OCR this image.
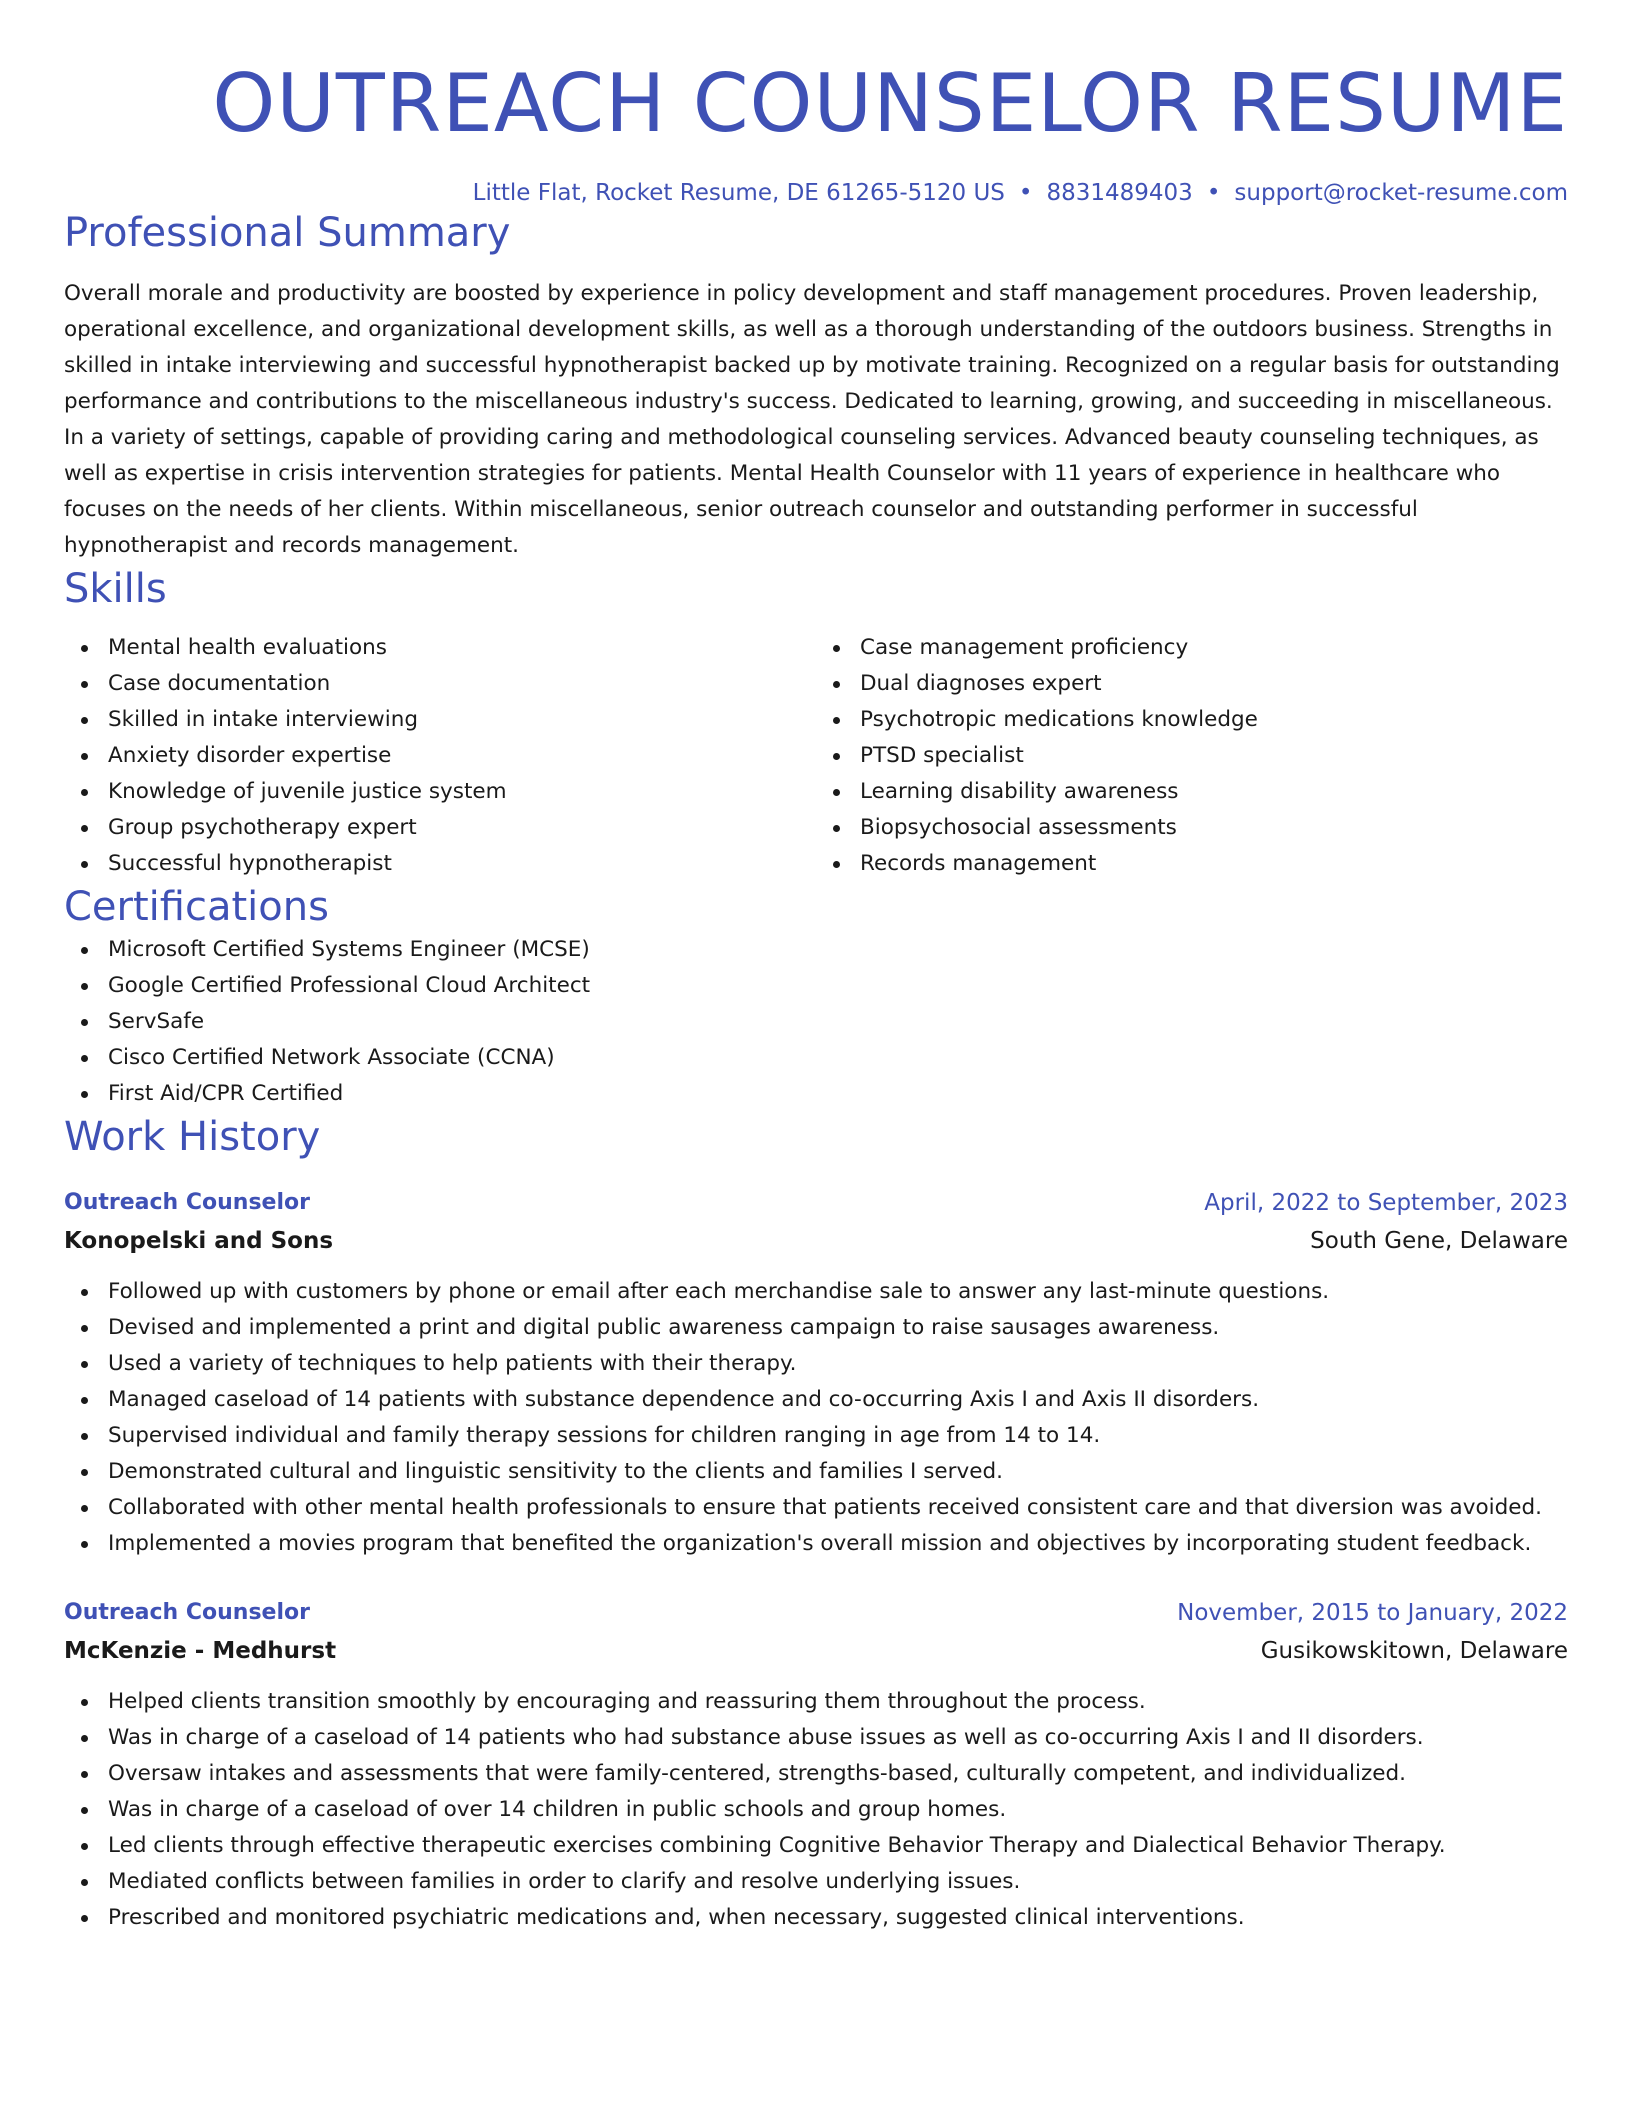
OUTREACH COUNSELOR RESUME
Little Flat, Rocket Resume, DE 61265-5120 US • 8831489403 • support@rocket-resume.com
Professional Summary
Overall morale and productivity are boosted by experience in policy development and staff management procedures. Proven leadership, operational excellence, and organizational development skills, as well as a thorough understanding of the outdoors business. Strengths in skilled in intake interviewing and successful hypnotherapist backed up by motivate training. Recognized on a regular basis for outstanding performance and contributions to the miscellaneous industry's success. Dedicated to learning, growing, and succeeding in miscellaneous. In a variety of settings, capable of providing caring and methodological counseling services. Advanced beauty counseling techniques, as well as expertise in crisis intervention strategies for patients. Mental Health Counselor with 11 years of experience in healthcare who focuses on the needs of her clients. Within miscellaneous, senior outreach counselor and outstanding performer in successful hypnotherapist and records management.
Skills
Mental health evaluations
Case documentation
Skilled in intake interviewing
Anxiety disorder expertise
Knowledge of juvenile justice system
Group psychotherapy expert
Successful hypnotherapist
Case management proficiency
Dual diagnoses expert
Psychotropic medications knowledge
PTSD specialist
Learning disability awareness
Biopsychosocial assessments
Records management
Certifications
Microsoft Certified Systems Engineer (MCSE)
Google Certified Professional Cloud Architect
ServSafe
Cisco Certified Network Associate (CCNA)
First Aid/CPR Certified
Work History
Outreach Counselor	April, 2022 to September, 2023
Konopelski and Sons	South Gene, Delaware
Followed up with customers by phone or email after each merchandise sale to answer any last-minute questions.
Devised and implemented a print and digital public awareness campaign to raise sausages awareness.
Used a variety of techniques to help patients with their therapy.
Managed caseload of 14 patients with substance dependence and co-occurring Axis I and Axis II disorders.
Supervised individual and family therapy sessions for children ranging in age from 14 to 14.
Demonstrated cultural and linguistic sensitivity to the clients and families I served.
Collaborated with other mental health professionals to ensure that patients received consistent care and that diversion was avoided.
Implemented a movies program that benefited the organization's overall mission and objectives by incorporating student feedback.
Outreach Counselor	November, 2015 to January, 2022
McKenzie - Medhurst	Gusikowskitown, Delaware
Helped clients transition smoothly by encouraging and reassuring them throughout the process.
Was in charge of a caseload of 14 patients who had substance abuse issues as well as co-occurring Axis I and II disorders.
Oversaw intakes and assessments that were family-centered, strengths-based, culturally competent, and individualized.
Was in charge of a caseload of over 14 children in public schools and group homes.
Led clients through effective therapeutic exercises combining Cognitive Behavior Therapy and Dialectical Behavior Therapy.
Mediated conflicts between families in order to clarify and resolve underlying issues.
Prescribed and monitored psychiatric medications and, when necessary, suggested clinical interventions.
